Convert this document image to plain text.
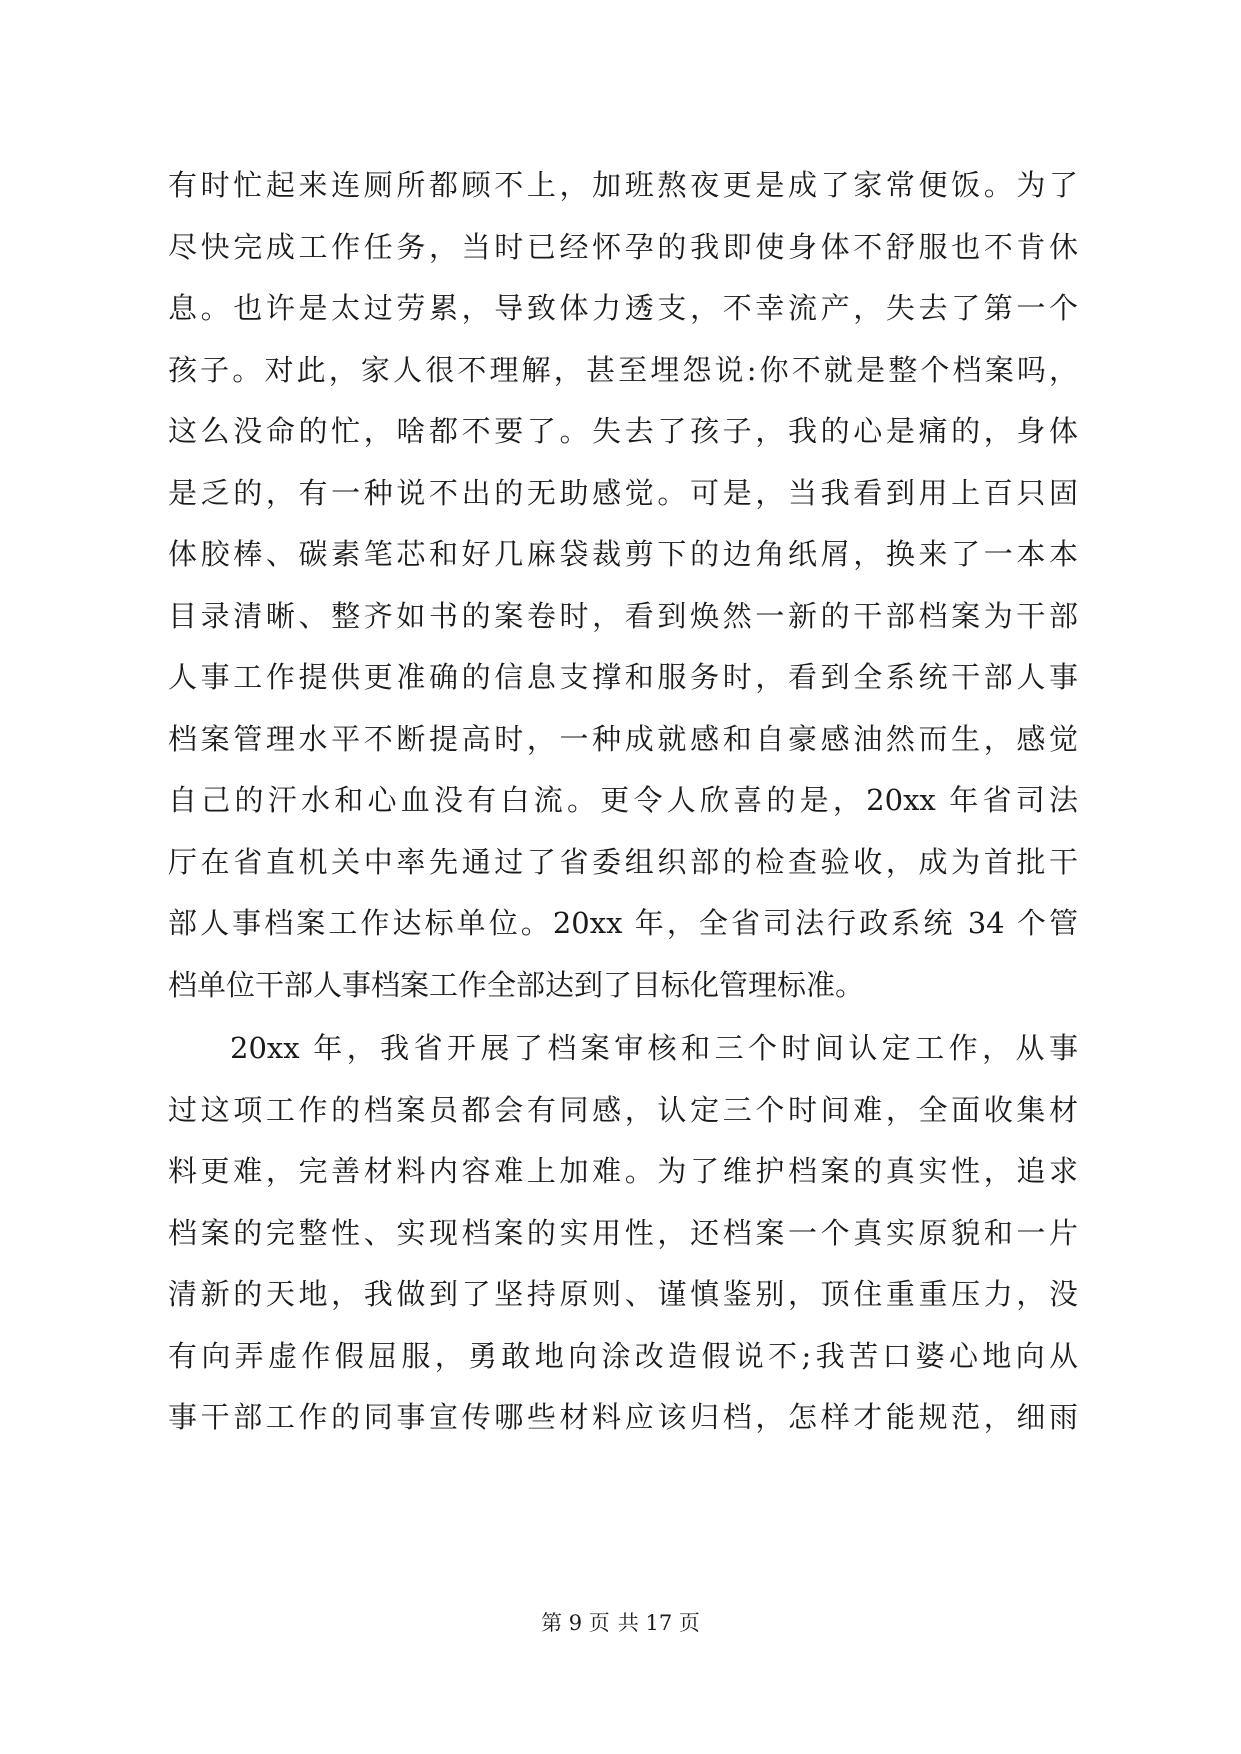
有时忙起来连厕所都顾不上，加班熬夜更是成了家常便饭。为了
尽快完成工作任务，当时已经怀孕的我即使身体不舒服也不肯休
息。也许是太过劳累，导致体力透支，不幸流产，失去了第一个
孩子。对此，家人很不理解，甚至埋怨说:你不就是整个档案吗，
这么没命的忙，啥都不要了。失去了孩子，我的心是痛的，身体
是乏的，有一种说不出的无助感觉。可是，当我看到用上百只固
体胶棒、碳素笔芯和好几麻袋裁剪下的边角纸屑，换来了一本本
目录清晰、整齐如书的案卷时，看到焕然一新的干部档案为干部
人事工作提供更准确的信息支撑和服务时，看到全系统干部人事
档案管理水平不断提高时，一种成就感和自豪感油然而生，感觉
自己的汗水和心血没有白流。更令人欣喜的是，20xx 年省司法
厅在省直机关中率先通过了省委组织部的检查验收，成为首批干
部人事档案工作达标单位。20xx 年，全省司法行政系统 34 个管
档单位干部人事档案工作全部达到了目标化管理标准。
20xx 年，我省开展了档案审核和三个时间认定工作，从事
过这项工作的档案员都会有同感，认定三个时间难，全面收集材
料更难，完善材料内容难上加难。为了维护档案的真实性，追求
档案的完整性、实现档案的实用性，还档案一个真实原貌和一片
清新的天地，我做到了坚持原则、谨慎鉴别，顶住重重压力，没
有向弄虚作假屈服，勇敢地向涂改造假说不;我苦口婆心地向从
事干部工作的同事宣传哪些材料应该归档，怎样才能规范，细雨
第 9 页 共 17 页
